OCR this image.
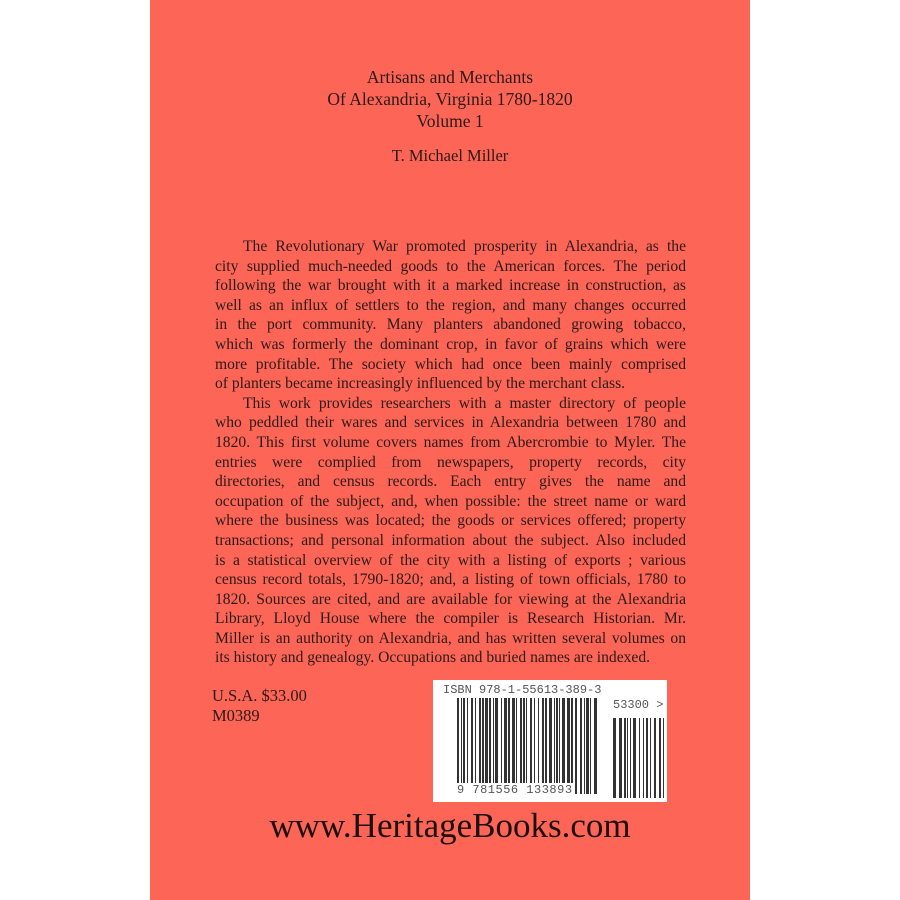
Artisans and Merchants
Of Alexandria, Virginia 1780-1820
Volume 1
T. Michael Miller
The Revolutionary War promoted prosperity in Alexandria, as the
city supplied much-needed goods to the American forces. The period
following the war brought with it a marked increase in construction, as
well as an influx of settlers to the region, and many changes occurred
in the port community. Many planters abandoned growing tobacco,
which was formerly the dominant crop, in favor of grains which were
more profitable. The society which had once been mainly comprised
of planters became increasingly influenced by the merchant class.
This work provides researchers with a master directory of people
who peddled their wares and services in Alexandria between 1780 and
1820. This first volume covers names from Abercrombie to Myler. The
entries were complied from newspapers, property records, city
directories, and census records. Each entry gives the name and
occupation of the subject, and, when possible: the street name or ward
where the business was located; the goods or services offered; property
transactions; and personal information about the subject. Also included
is a statistical overview of the city with a listing of exports ; various
census record totals, 1790-1820; and, a listing of town officials, 1780 to
1820. Sources are cited, and are available for viewing at the Alexandria
Library, Lloyd House where the compiler is Research Historian. Mr.
Miller is an authority on Alexandria, and has written several volumes on
its history and genealogy. Occupations and buried names are indexed.
U.S.A. $33.00
M0389
ISBN 978-1-55613-389-3
53300 >
9 781556 133893
www.HeritageBooks.com
